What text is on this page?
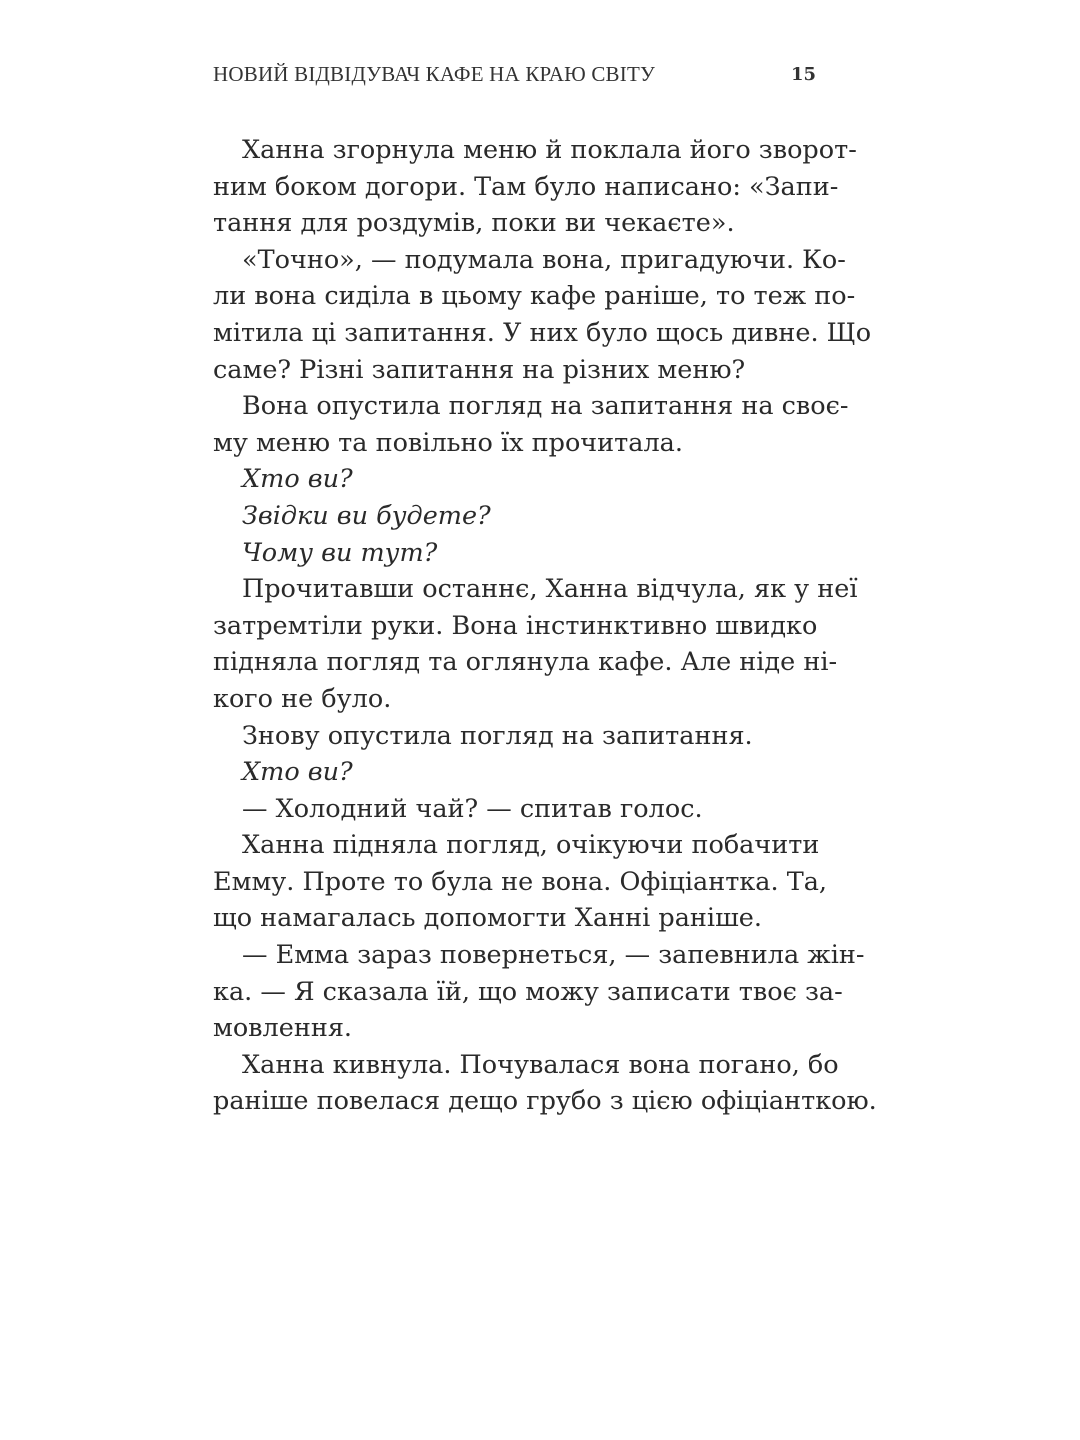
НОВИЙ ВІДВІДУВАЧ КАФЕ НА КРАЮ СВІТУ	15
Ханна згорнула меню й поклала його зворот-
ним боком догори. Там було написано: «Запи-
тання для роздумів, поки ви чекаєте».
«Точно», — подумала вона, пригадуючи. Ко-
ли вона сиділа в цьому кафе раніше, то теж по-
мітила ці запитання. У них було щось дивне. Що
саме? Різні запитання на різних меню?
Вона опустила погляд на запитання на своє-
му меню та повільно їх прочитала.
Хто ви?
Звідки ви будете?
Чому ви тут?
Прочитавши останнє, Ханна відчула, як у неї
затремтіли руки. Вона інстинктивно швидко
підняла погляд та оглянула кафе. Але ніде ні-
кого не було.
Знову опустила погляд на запитання.
Хто ви?
— Холодний чай? — спитав голос.
Ханна підняла погляд, очікуючи побачити
Емму. Проте то була не вона. Офіціантка. Та,
що намагалась допомогти Ханні раніше.
— Емма зараз повернеться, — запевнила жін-
ка. — Я сказала їй, що можу записати твоє за-
мовлення.
Ханна кивнула. Почувалася вона погано, бо
раніше повелася дещо грубо з цією офіціанткою.
